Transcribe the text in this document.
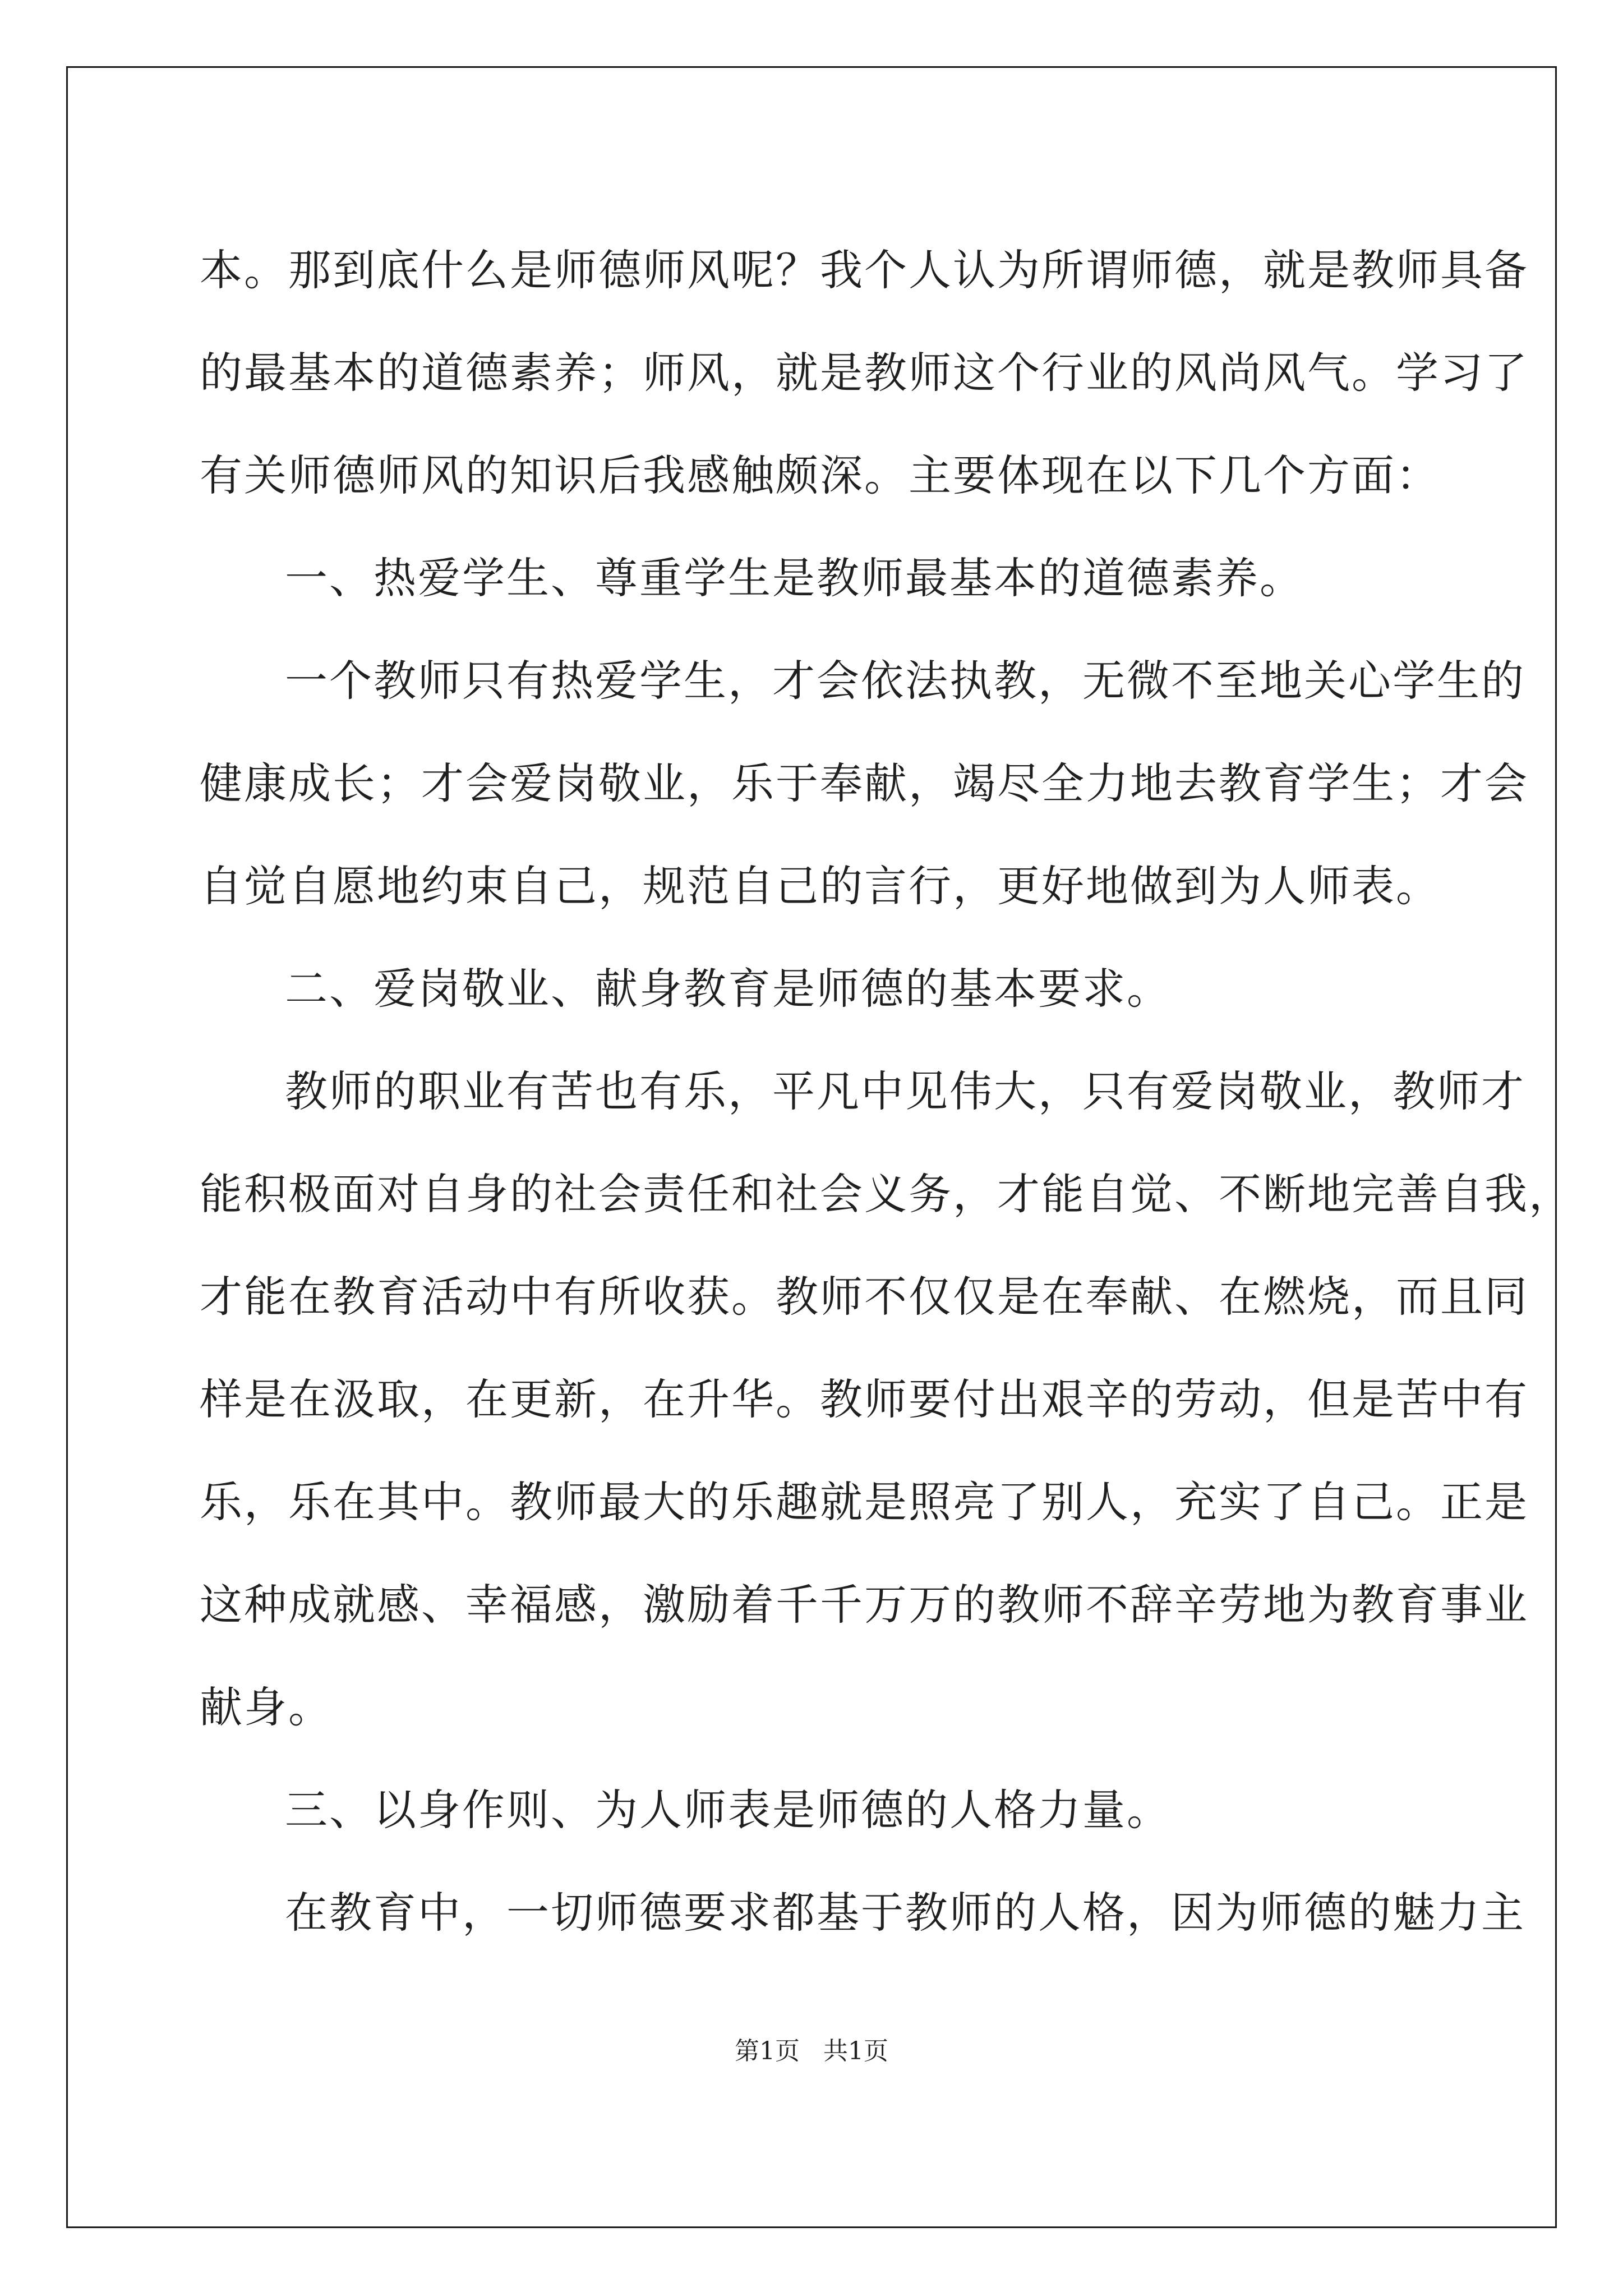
本。那到底什么是师德师风呢？我个人认为所谓师德，就是教师具备
的最基本的道德素养；师风，就是教师这个行业的风尚风气。学习了
有关师德师风的知识后我感触颇深。主要体现在以下几个方面：
一、热爱学生、尊重学生是教师最基本的道德素养。
一个教师只有热爱学生，才会依法执教，无微不至地关心学生的
健康成长；才会爱岗敬业，乐于奉献，竭尽全力地去教育学生；才会
自觉自愿地约束自己，规范自己的言行，更好地做到为人师表。
二、爱岗敬业、献身教育是师德的基本要求。
教师的职业有苦也有乐，平凡中见伟大，只有爱岗敬业，教师才
能积极面对自身的社会责任和社会义务，才能自觉、不断地完善自我，
才能在教育活动中有所收获。教师不仅仅是在奉献、在燃烧，而且同
样是在汲取，在更新，在升华。教师要付出艰辛的劳动，但是苦中有
乐，乐在其中。教师最大的乐趣就是照亮了别人，充实了自己。正是
这种成就感、幸福感，激励着千千万万的教师不辞辛劳地为教育事业
献身。
三、以身作则、为人师表是师德的人格力量。
在教育中，一切师德要求都基于教师的人格，因为师德的魅力主
第1页 共1页
